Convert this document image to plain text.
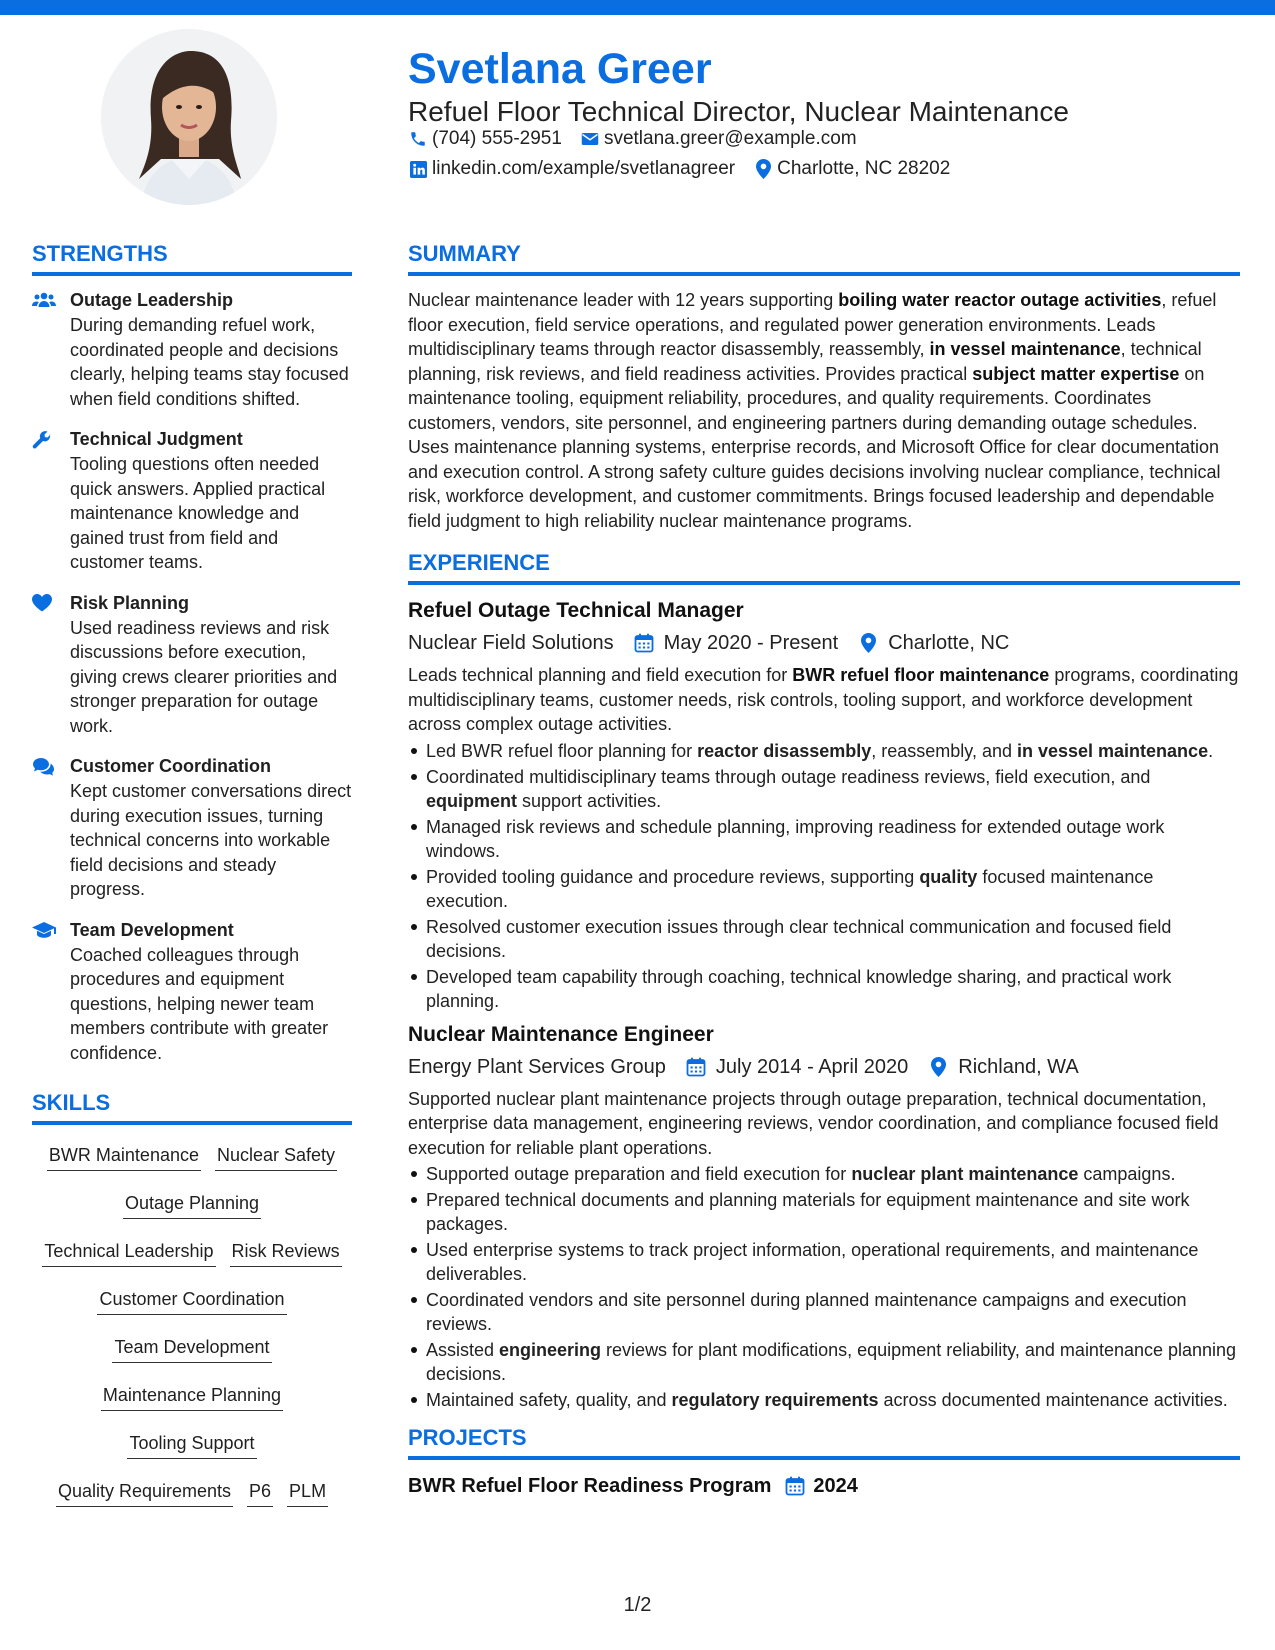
Svetlana Greer
Refuel Floor Technical Director, Nuclear Maintenance
(704) 555-2951 svetlana.greer@example.com
linkedin.com/example/svetlanagreer Charlotte, NC 28202
STRENGTHS
Outage Leadership
During demanding refuel work, coordinated people and decisions clearly, helping teams stay focused when field conditions shifted.
Technical Judgment
Tooling questions often needed quick answers. Applied practical maintenance knowledge and gained trust from field and customer teams.
Risk Planning
Used readiness reviews and risk discussions before execution, giving crews clearer priorities and stronger preparation for outage work.
Customer Coordination
Kept customer conversations direct during execution issues, turning technical concerns into workable field decisions and steady progress.
Team Development
Coached colleagues through procedures and equipment questions, helping newer team members contribute with greater confidence.
SKILLS
BWR Maintenance Nuclear Safety
Outage Planning
Technical Leadership Risk Reviews
Customer Coordination
Team Development
Maintenance Planning
Tooling Support
Quality Requirements P6 PLM
SUMMARY
Nuclear maintenance leader with 12 years supporting boiling water reactor outage activities, refuel floor execution, field service operations, and regulated power generation environments. Leads multidisciplinary teams through reactor disassembly, reassembly, in vessel maintenance, technical planning, risk reviews, and field readiness activities. Provides practical subject matter expertise on maintenance tooling, equipment reliability, procedures, and quality requirements. Coordinates customers, vendors, site personnel, and engineering partners during demanding outage schedules. Uses maintenance planning systems, enterprise records, and Microsoft Office for clear documentation and execution control. A strong safety culture guides decisions involving nuclear compliance, technical risk, workforce development, and customer commitments. Brings focused leadership and dependable field judgment to high reliability nuclear maintenance programs.
EXPERIENCE
Refuel Outage Technical Manager
Nuclear Field Solutions	May 2020 - Present	Charlotte, NC
Leads technical planning and field execution for BWR refuel floor maintenance programs, coordinating multidisciplinary teams, customer needs, risk controls, tooling support, and workforce development across complex outage activities.
Led BWR refuel floor planning for reactor disassembly, reassembly, and in vessel maintenance.
Coordinated multidisciplinary teams through outage readiness reviews, field execution, and equipment support activities.
Managed risk reviews and schedule planning, improving readiness for extended outage work windows.
Provided tooling guidance and procedure reviews, supporting quality focused maintenance execution.
Resolved customer execution issues through clear technical communication and focused field decisions.
Developed team capability through coaching, technical knowledge sharing, and practical work planning.
Nuclear Maintenance Engineer
Energy Plant Services Group	July 2014 - April 2020	Richland, WA
Supported nuclear plant maintenance projects through outage preparation, technical documentation, enterprise data management, engineering reviews, vendor coordination, and compliance focused field execution for reliable plant operations.
Supported outage preparation and field execution for nuclear plant maintenance campaigns.
Prepared technical documents and planning materials for equipment maintenance and site work packages.
Used enterprise systems to track project information, operational requirements, and maintenance deliverables.
Coordinated vendors and site personnel during planned maintenance campaigns and execution reviews.
Assisted engineering reviews for plant modifications, equipment reliability, and maintenance planning decisions.
Maintained safety, quality, and regulatory requirements across documented maintenance activities.
PROJECTS
BWR Refuel Floor Readiness Program 2024
1/2
